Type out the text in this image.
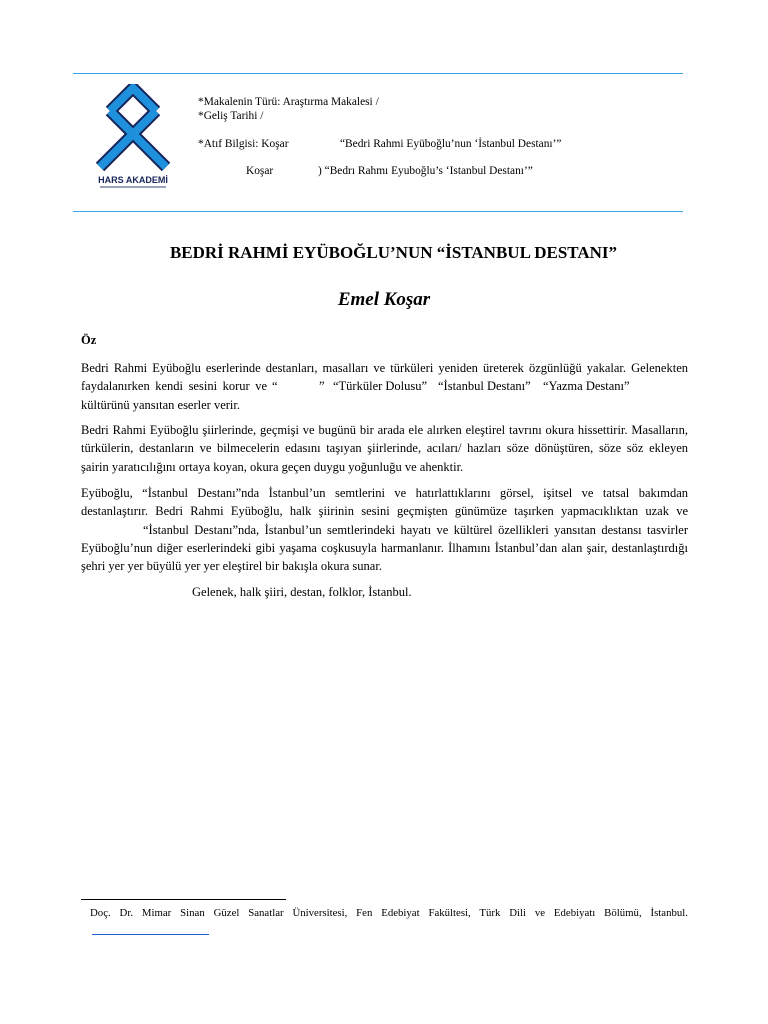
HARS AKADEMİ
*Makalenin Türü: Araştırma Makalesi /
*Geliş Tarihi /
*Atıf Bilgisi: Koşar	“Bedri Rahmi Eyüboğlu’nun ‘İstanbul Destanı’”
Koşar	) “Bedrı Rahmı Eyuboğlu’s ‘Istanbul Destanı’”
BEDRİ RAHMİ EYÜBOĞLU’NUN “İSTANBUL DESTANI”
Emel Koşar
Öz
Bedri Rahmi Eyüboğlu eserlerinde destanları, masalları ve türküleri yeniden üreterek özgünlüğü yakalar. Gelenekten
faydalanırken kendi sesini korur ve “	” “Türküler Dolusu” “İstanbul Destanı” “Yazma Destanı”
kültürünü yansıtan eserler verir.
Bedri Rahmi Eyüboğlu şiirlerinde, geçmişi ve bugünü bir arada ele alırken eleştirel tavrını okura hissettirir. Masalların,
türkülerin, destanların ve bilmecelerin edasını taşıyan şiirlerinde, acıları/ hazları söze dönüştüren, söze söz ekleyen
şairin yaratıcılığını ortaya koyan, okura geçen duygu yoğunluğu ve ahenktir.
Eyüboğlu, “İstanbul Destanı”nda İstanbul’un semtlerini ve hatırlattıklarını görsel, işitsel ve tatsal bakımdan
destanlaştırır. Bedri Rahmi Eyüboğlu, halk şiirinin sesini geçmişten günümüze taşırken yapmacıklıktan uzak ve
“İstanbul Destanı”nda, İstanbul’un semtlerindeki hayatı ve kültürel özellikleri yansıtan destansı tasvirler
Eyüboğlu’nun diğer eserlerindeki gibi yaşama coşkusuyla harmanlanır. İlhamını İstanbul’dan alan şair, destanlaştırdığı
şehri yer yer büyülü yer yer eleştirel bir bakışla okura sunar.
Gelenek, halk şiiri, destan, folklor, İstanbul.
Doç. Dr. Mimar Sinan Güzel Sanatlar Üniversitesi, Fen Edebiyat Fakültesi, Türk Dili ve Edebiyatı Bölümü, İstanbul.
